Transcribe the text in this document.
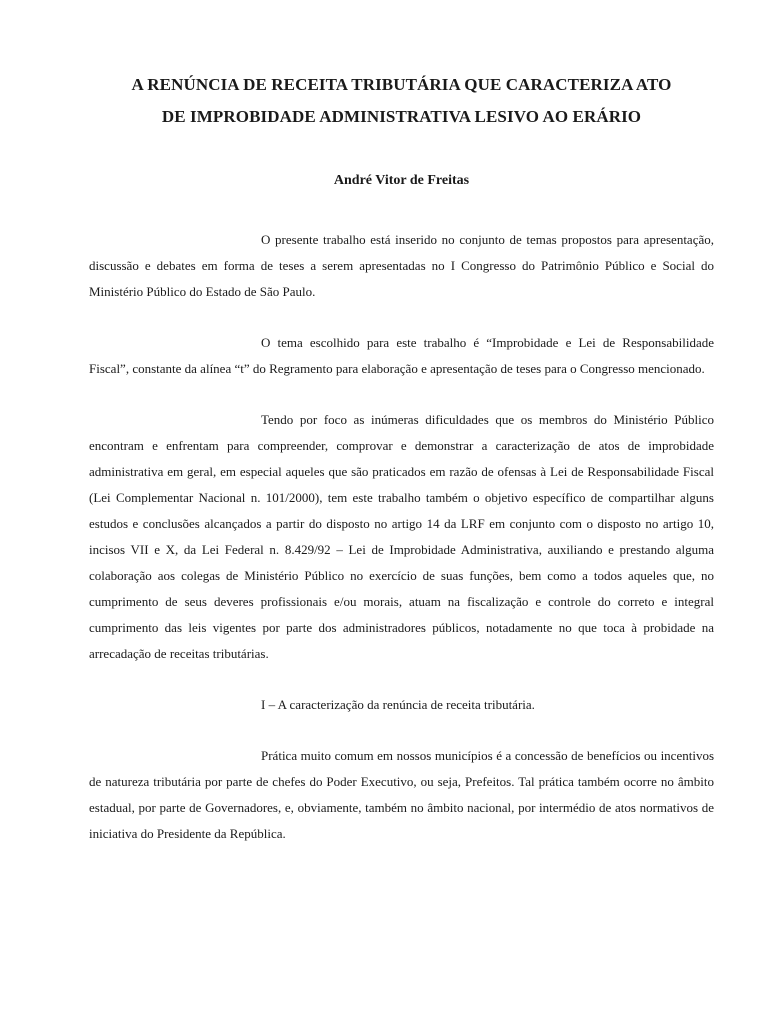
A RENÚNCIA DE RECEITA TRIBUTÁRIA QUE CARACTERIZA ATO
DE IMPROBIDADE ADMINISTRATIVA LESIVO AO ERÁRIO
André Vitor de Freitas

O presente trabalho está inserido no conjunto de temas propostos para apresentação, discussão e debates em forma de teses a serem apresentadas no I Congresso do Patrimônio Público e Social do Ministério Público do Estado de São Paulo.

O tema escolhido para este trabalho é “Improbidade e Lei de Responsabilidade Fiscal”, constante da alínea “t” do Regramento para elaboração e apresentação de teses para o Congresso mencionado.

Tendo por foco as inúmeras dificuldades que os membros do Ministério Público encontram e enfrentam para compreender, comprovar e demonstrar a caracterização de atos de improbidade administrativa em geral, em especial aqueles que são praticados em razão de ofensas à Lei de Responsabilidade Fiscal (Lei Complementar Nacional n. 101/2000), tem este trabalho também o objetivo específico de compartilhar alguns estudos e conclusões alcançados a partir do disposto no artigo 14 da LRF em conjunto com o disposto no artigo 10, incisos VII e X, da Lei Federal n. 8.429/92 – Lei de Improbidade Administrativa, auxiliando e prestando alguma colaboração aos colegas de Ministério Público no exercício de suas funções, bem como a todos aqueles que, no cumprimento de seus deveres profissionais e/ou morais, atuam na fiscalização e controle do correto e integral cumprimento das leis vigentes por parte dos administradores públicos, notadamente no que toca à probidade na arrecadação de receitas tributárias.

I – A caracterização da renúncia de receita tributária.

Prática muito comum em nossos municípios é a concessão de benefícios ou incentivos de natureza tributária por parte de chefes do Poder Executivo, ou seja, Prefeitos. Tal prática também ocorre no âmbito estadual, por parte de Governadores, e, obviamente, também no âmbito nacional, por intermédio de atos normativos de iniciativa do Presidente da República.
